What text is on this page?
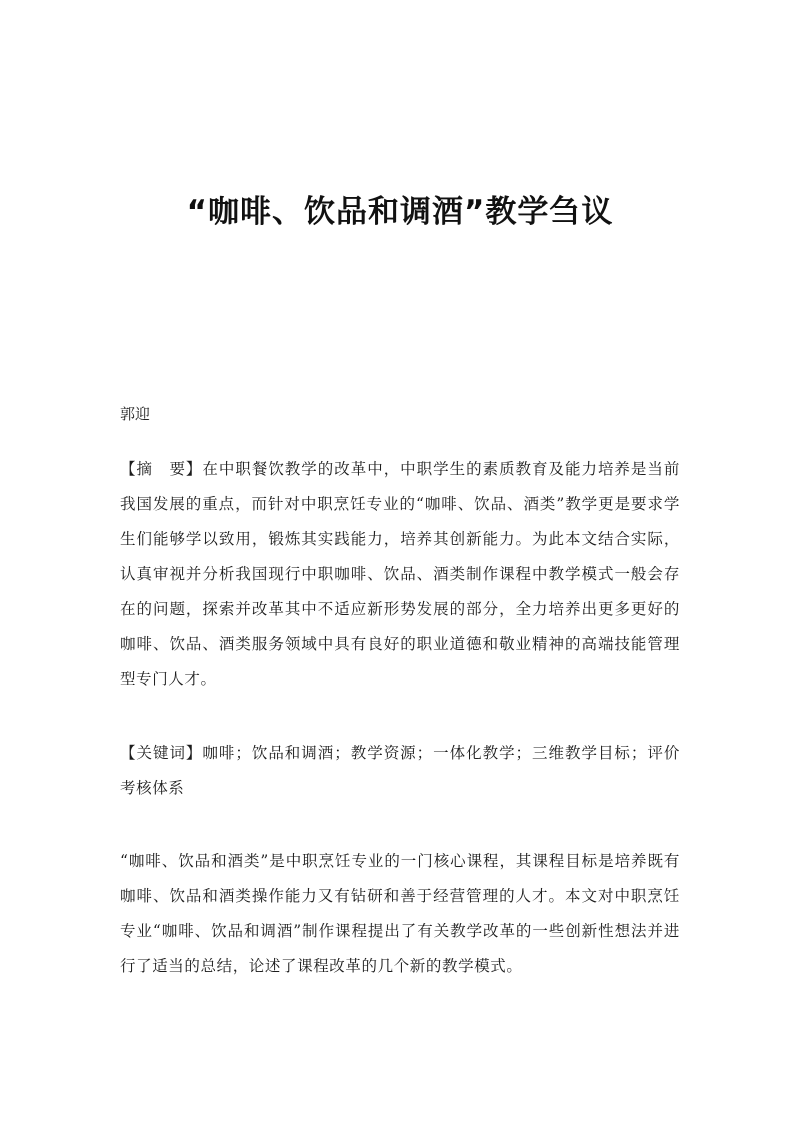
“咖啡、饮品和调酒”教学刍议

郭迎

【摘　要】在中职餐饮教学的改革中，中职学生的素质教育及能力培养是当前我国发展的重点，而针对中职烹饪专业的“咖啡、饮品、酒类”教学更是要求学生们能够学以致用，锻炼其实践能力，培养其创新能力。为此本文结合实际，认真审视并分析我国现行中职咖啡、饮品、酒类制作课程中教学模式一般会存在的问题，探索并改革其中不适应新形势发展的部分，全力培养出更多更好的咖啡、饮品、酒类服务领域中具有良好的职业道德和敬业精神的高端技能管理型专门人才。

【关键词】咖啡；饮品和调酒；教学资源；一体化教学；三维教学目标；评价考核体系

“咖啡、饮品和酒类”是中职烹饪专业的一门核心课程，其课程目标是培养既有咖啡、饮品和酒类操作能力又有钻研和善于经营管理的人才。本文对中职烹饪专业“咖啡、饮品和调酒”制作课程提出了有关教学改革的一些创新性想法并进行了适当的总结，论述了课程改革的几个新的教学模式。
